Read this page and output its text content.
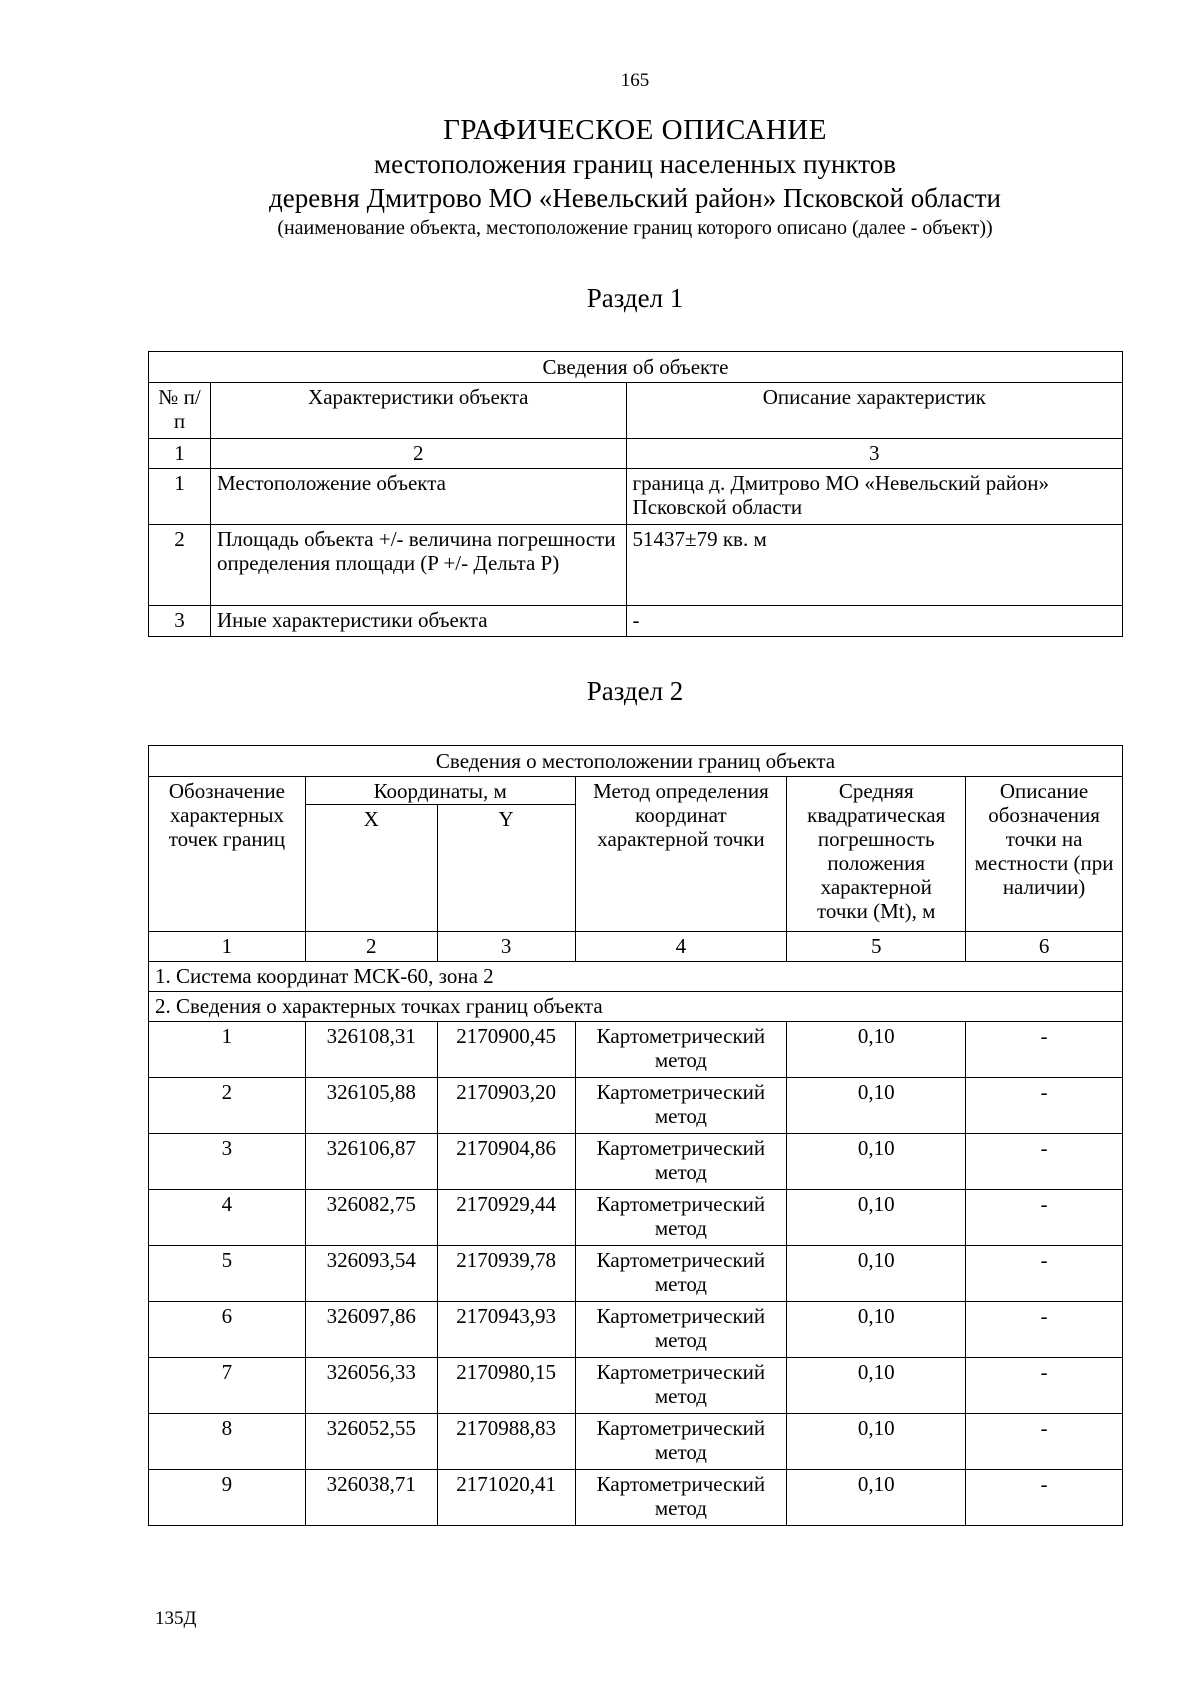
165
ГРАФИЧЕСКОЕ ОПИСАНИЕ
местоположения границ населенных пунктов
деревня Дмитрово МО «Невельский район» Псковской области
(наименование объекта, местоположение границ которого описано (далее - объект))
Раздел 1
Сведения об объекте		
№ п/п	Характеристики объекта	Описание характеристик
1	2	3
1	Местоположение объекта	граница д. Дмитрово МО «Невельский район» Псковской области
2	Площадь объекта +/- величина погрешности определения площади (P +/- Дельта P)	51437±79 кв. м
3	Иные характеристики объекта	-
Раздел 2
Сведения о местоположении границ объекта					
Обозначение характерных точек границ	Координаты, м		Метод определения координат характерной точки	Средняя квадратическая погрешность положения характерной точки (Mt), м	Описание обозначения точки на местности (при наличии)
	X	Y			
1	2	3	4	5	6
1. Система координат МСК-60, зона 2					
2. Сведения о характерных точках границ объекта					
1	326108,31	2170900,45	Картометрический метод	0,10	-
2	326105,88	2170903,20	Картометрический метод	0,10	-
3	326106,87	2170904,86	Картометрический метод	0,10	-
4	326082,75	2170929,44	Картометрический метод	0,10	-
5	326093,54	2170939,78	Картометрический метод	0,10	-
6	326097,86	2170943,93	Картометрический метод	0,10	-
7	326056,33	2170980,15	Картометрический метод	0,10	-
8	326052,55	2170988,83	Картометрический метод	0,10	-
9	326038,71	2171020,41	Картометрический метод	0,10	-
135Д
